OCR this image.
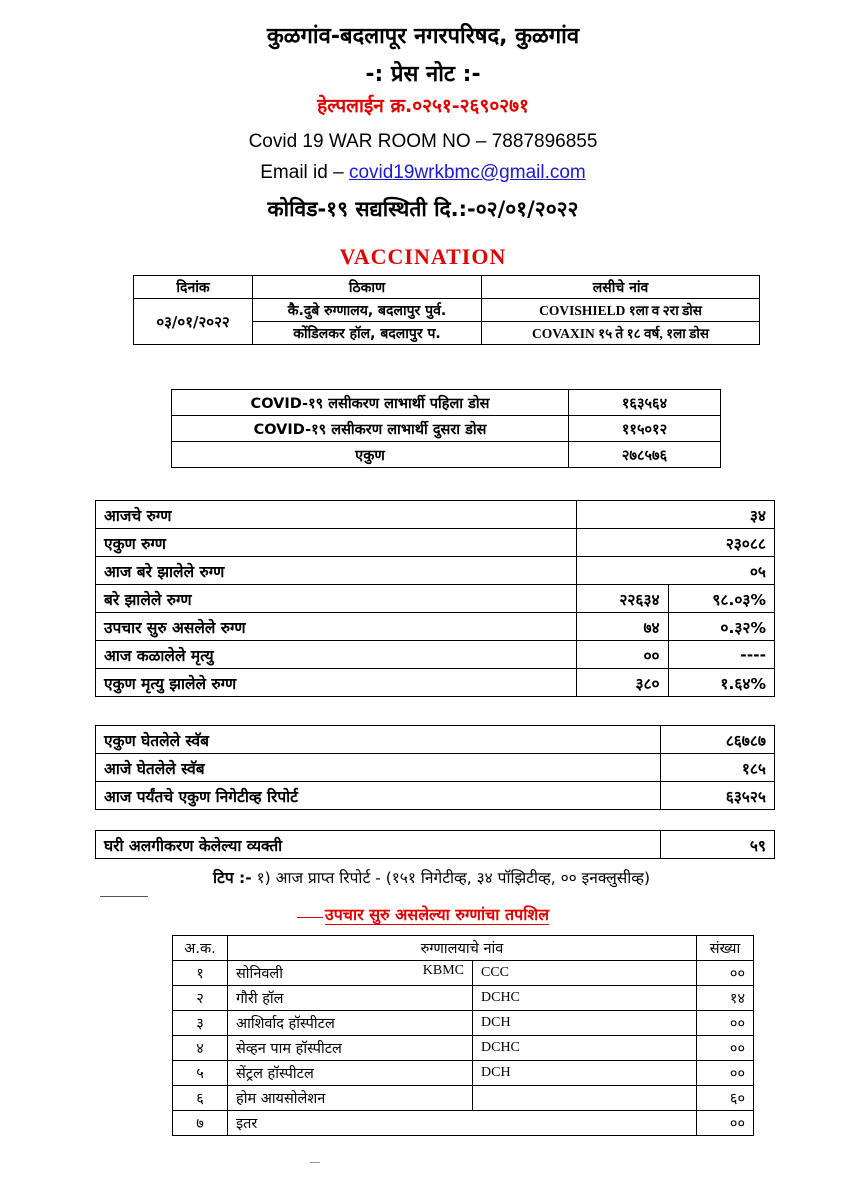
कुळगांव-बदलापूर नगरपरिषद, कुळगांव
-: प्रेस नोट :-
हेल्पलाईन क्र.०२५१-२६९०२७१
Covid 19 WAR ROOM NO – 7887896855
Email id – covid19wrkbmc@gmail.com
कोविड-१९ सद्यस्थिती दि.:-०२/०१/२०२२
VACCINATION
दिनांक	ठिकाण	लसीचे नांव
०३/०१/२०२२	कै.दुबे रुग्णालय, बदलापुर पुर्व.	COVISHIELD १ला व २रा डोस
	कोंडिलकर हॉल, बदलापुर प.	COVAXIN १५ ते १८ वर्ष, १ला डोस
COVID-१९ लसीकरण लाभार्थी पहिला डोस	१६३५६४
COVID-१९ लसीकरण लाभार्थी दुसरा डोस	११५०१२
एकुण	२७८५७६
आजचे रुग्ण	३४	
एकुण रुग्ण	२३०८८	
आज बरे झालेले रुग्ण	०५	
बरे झालेले रुग्ण	२२६३४	९८.०३%
उपचार सुरु असलेले रुग्ण	७४	०.३२%
आज कळालेले मृत्यु	००	----
एकुण मृत्यु झालेले रुग्ण	३८०	१.६४%
एकुण घेतलेले स्वॅब	८६७८७
आजे घेतलेले स्वॅब	१८५
आज पर्यंतचे एकुण निगेटीव्ह रिपोर्ट	६३५२५
घरी अलगीकरण केलेल्या व्यक्ती	५९
टिप :- १) आज प्राप्त रिपोर्ट - (१५१ निगेटीव्ह, ३४ पॉझिटीव्ह, ०० इनक्लुसीव्ह)
उपचार सुरु असलेल्या रुग्णांचा तपशिल
अ.क.	रुग्णालयाचे नांव		संख्या
१	सोनिवली KBMC	CCC	००
२	गौरी हॉल	DCHC	१४
३	आशिर्वाद हॉस्पीटल	DCH	००
४	सेव्हन पाम हॉस्पीटल	DCHC	००
५	सेंट्रल हॉस्पीटल	DCH	००
६	होम आयसोलेशन		६०
७	इतर		००
